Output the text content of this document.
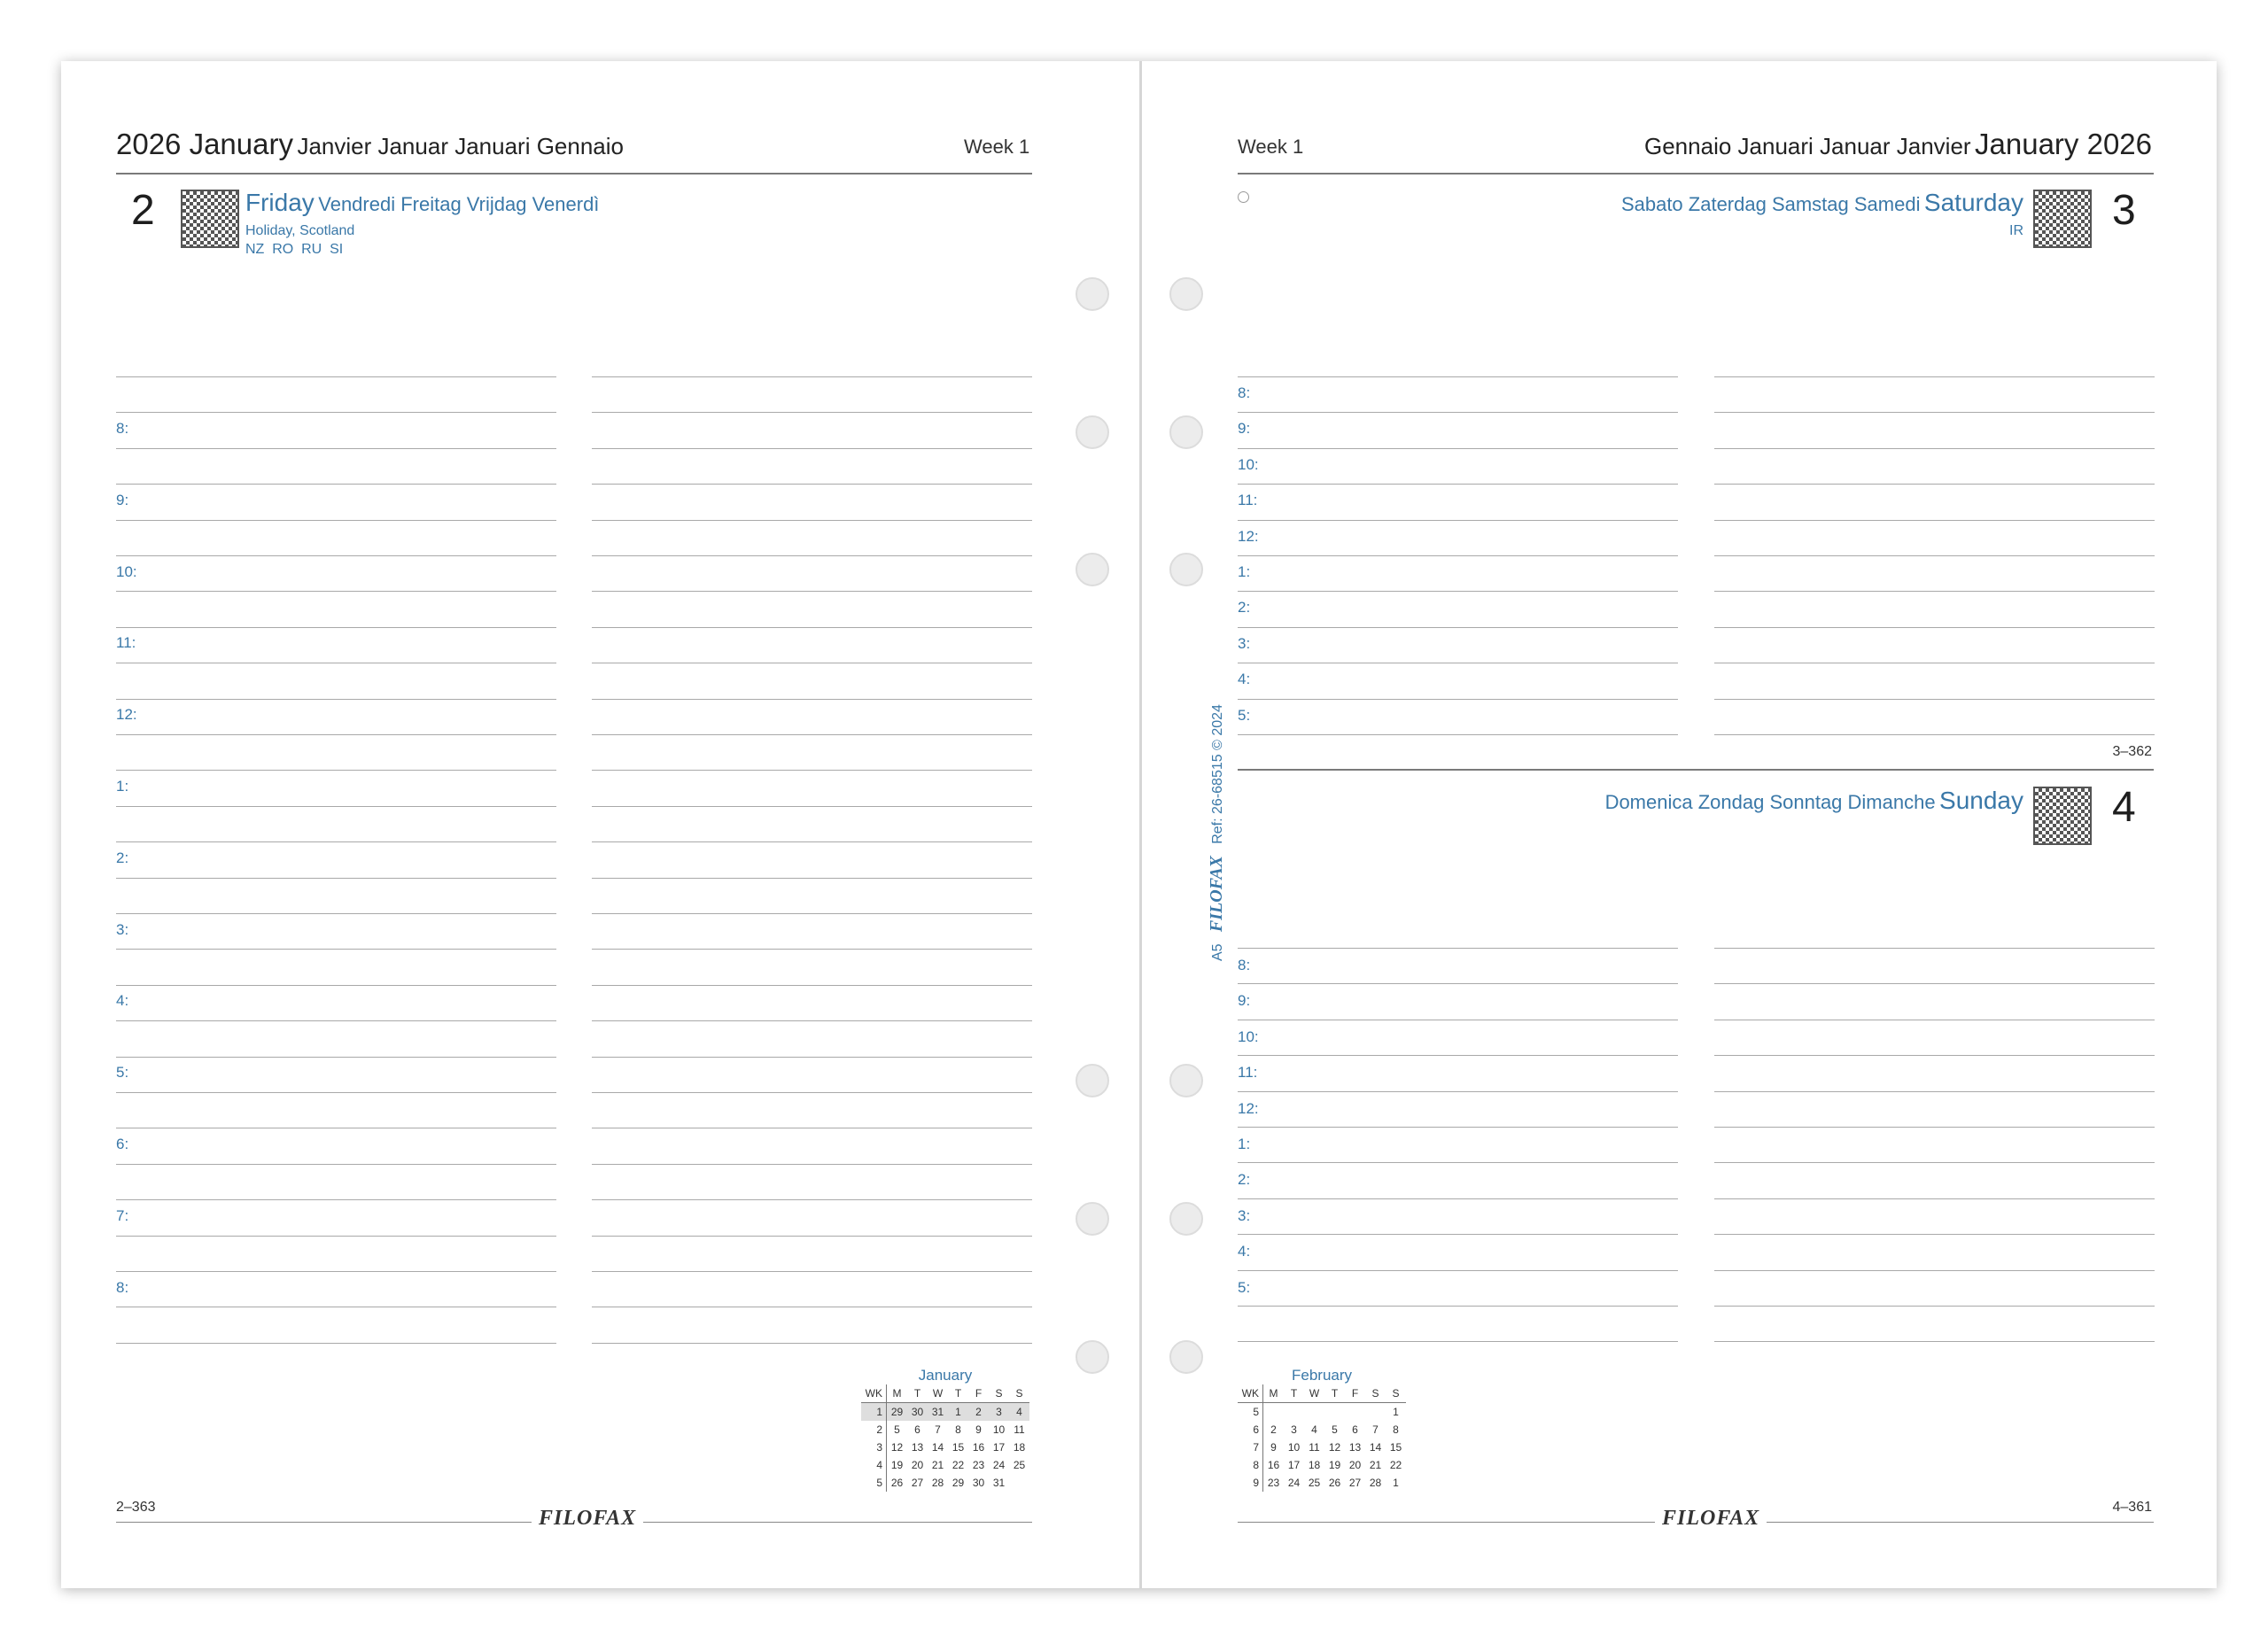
2026 January Janvier Januar Januari Gennaio	Week 1
2	Friday Vendredi Freitag Vrijdag Venerdì
Holiday, Scotland
NZ  RO  RU  SI
8:
9:
10:
11:
12:
1:
2:
3:
4:
5:
6:
7:
8:
January
WK	M	T	W	T	F	S	S
1	29	30	31	1	2	3	4
2	5	6	7	8	9	10	11
3	12	13	14	15	16	17	18
4	19	20	21	22	23	24	25
5	26	27	28	29	30	31	
2–363	FILOFAX
Week 1	Gennaio Januari Januar Janvier January 2026
Sabato Zaterdag Samstag Samedi Saturday
IR 3
8:
9:
10:
11:
12:
1:
2:
3:
4:
5:
3–362
Domenica Zondag Sonntag Dimanche Sunday 4
8:
9:
10:
11:
12:
1:
2:
3:
4:
5:
February
WK	M	T	W	T	F	S	S
5							1
6	2	3	4	5	6	7	8
7	9	10	11	12	13	14	15
8	16	17	18	19	20	21	22
9	23	24	25	26	27	28	1
4–361
FILOFAX
A5   FILOFAX   Ref: 26-68515 © 2024
